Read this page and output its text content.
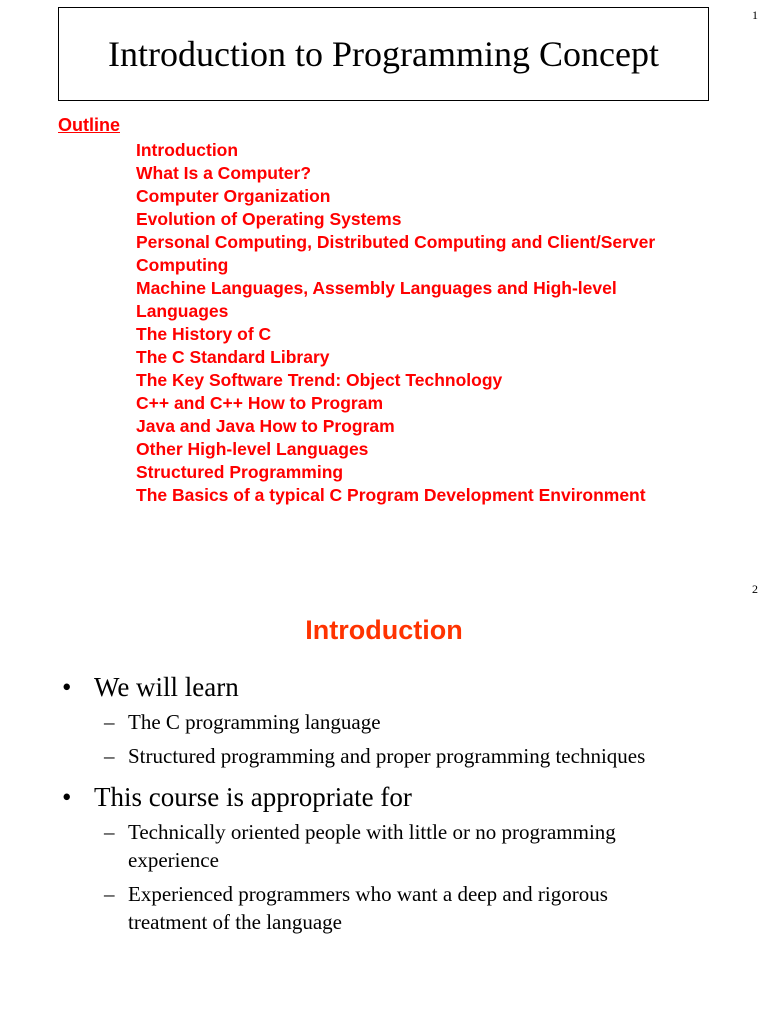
1
Introduction to Programming Concept
Outline
Introduction
What Is a Computer?
Computer Organization
Evolution of Operating Systems
Personal Computing, Distributed Computing and Client/Server
Computing
Machine Languages, Assembly Languages and High-level
Languages
The History of C
The C Standard Library
The Key Software Trend: Object Technology
C++ and C++ How to Program
Java and Java How to Program
Other High-level Languages
Structured Programming
The Basics of a typical C Program Development Environment
2
Introduction
• We will learn
– The C programming language
– Structured programming and proper programming techniques
• This course is appropriate for
– Technically oriented people with little or no programming
experience
– Experienced programmers who want a deep and rigorous
treatment of the language
